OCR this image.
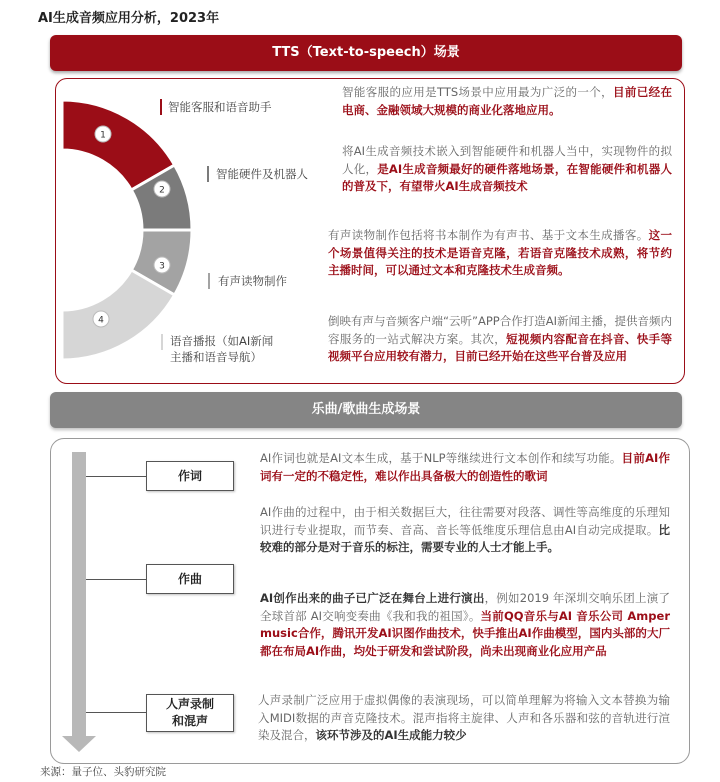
AI生成音频应用分析，2023年
TTS（Text-to-speech）场景
1
2
3
4
智能客服和语音助手
智能硬件及机器人
有声读物制作
语音播报（如AI新闻
主播和语音导航）
智能客服的应用是TTS场景中应用最为广泛的一个，目前已经在电商、金融领域大规模的商业化落地应用。
将AI生成音频技术嵌入到智能硬件和机器人当中，实现物件的拟人化，是AI生成音频最好的硬件落地场景，在智能硬件和机器人的普及下，有望带火AI生成音频技术
有声读物制作包括将书本制作为有声书、基于文本生成播客。这一个场景值得关注的技术是语音克隆，若语音克隆技术成熟，将节约主播时间，可以通过文本和克隆技术生成音频。
倒映有声与音频客户端“云听”APP合作打造AI新闻主播，提供音频内容服务的一站式解决方案。其次，短视频内容配音在抖音、快手等视频平台应用较有潜力，目前已经开始在这些平台普及应用
乐曲/歌曲生成场景
作词
作曲
人声录制
和混声
AI作词也就是AI文本生成，基于NLP等继续进行文本创作和续写功能。目前AI作词有一定的不稳定性，难以作出具备极大的创造性的歌词
AI作曲的过程中，由于相关数据巨大，往往需要对段落、调性等高维度的乐理知识进行专业提取，而节奏、音高、音长等低维度乐理信息由AI自动完成提取。比较难的部分是对于音乐的标注，需要专业的人士才能上手。
AI创作出来的曲子已广泛在舞台上进行演出，例如2019 年深圳交响乐团上演了全球首部 AI交响变奏曲《我和我的祖国》。当前QQ音乐与AI 音乐公司 Amper music合作，腾讯开发AI识图作曲技术，快手推出AI作曲模型，国内头部的大厂都在布局AI作曲，均处于研发和尝试阶段，尚未出现商业化应用产品
人声录制广泛应用于虚拟偶像的表演现场，可以简单理解为将输入文本替换为输入MIDI数据的声音克隆技术。混声指将主旋律、人声和各乐器和弦的音轨进行渲染及混合，该环节涉及的AI生成能力较少
来源：量子位、头豹研究院
